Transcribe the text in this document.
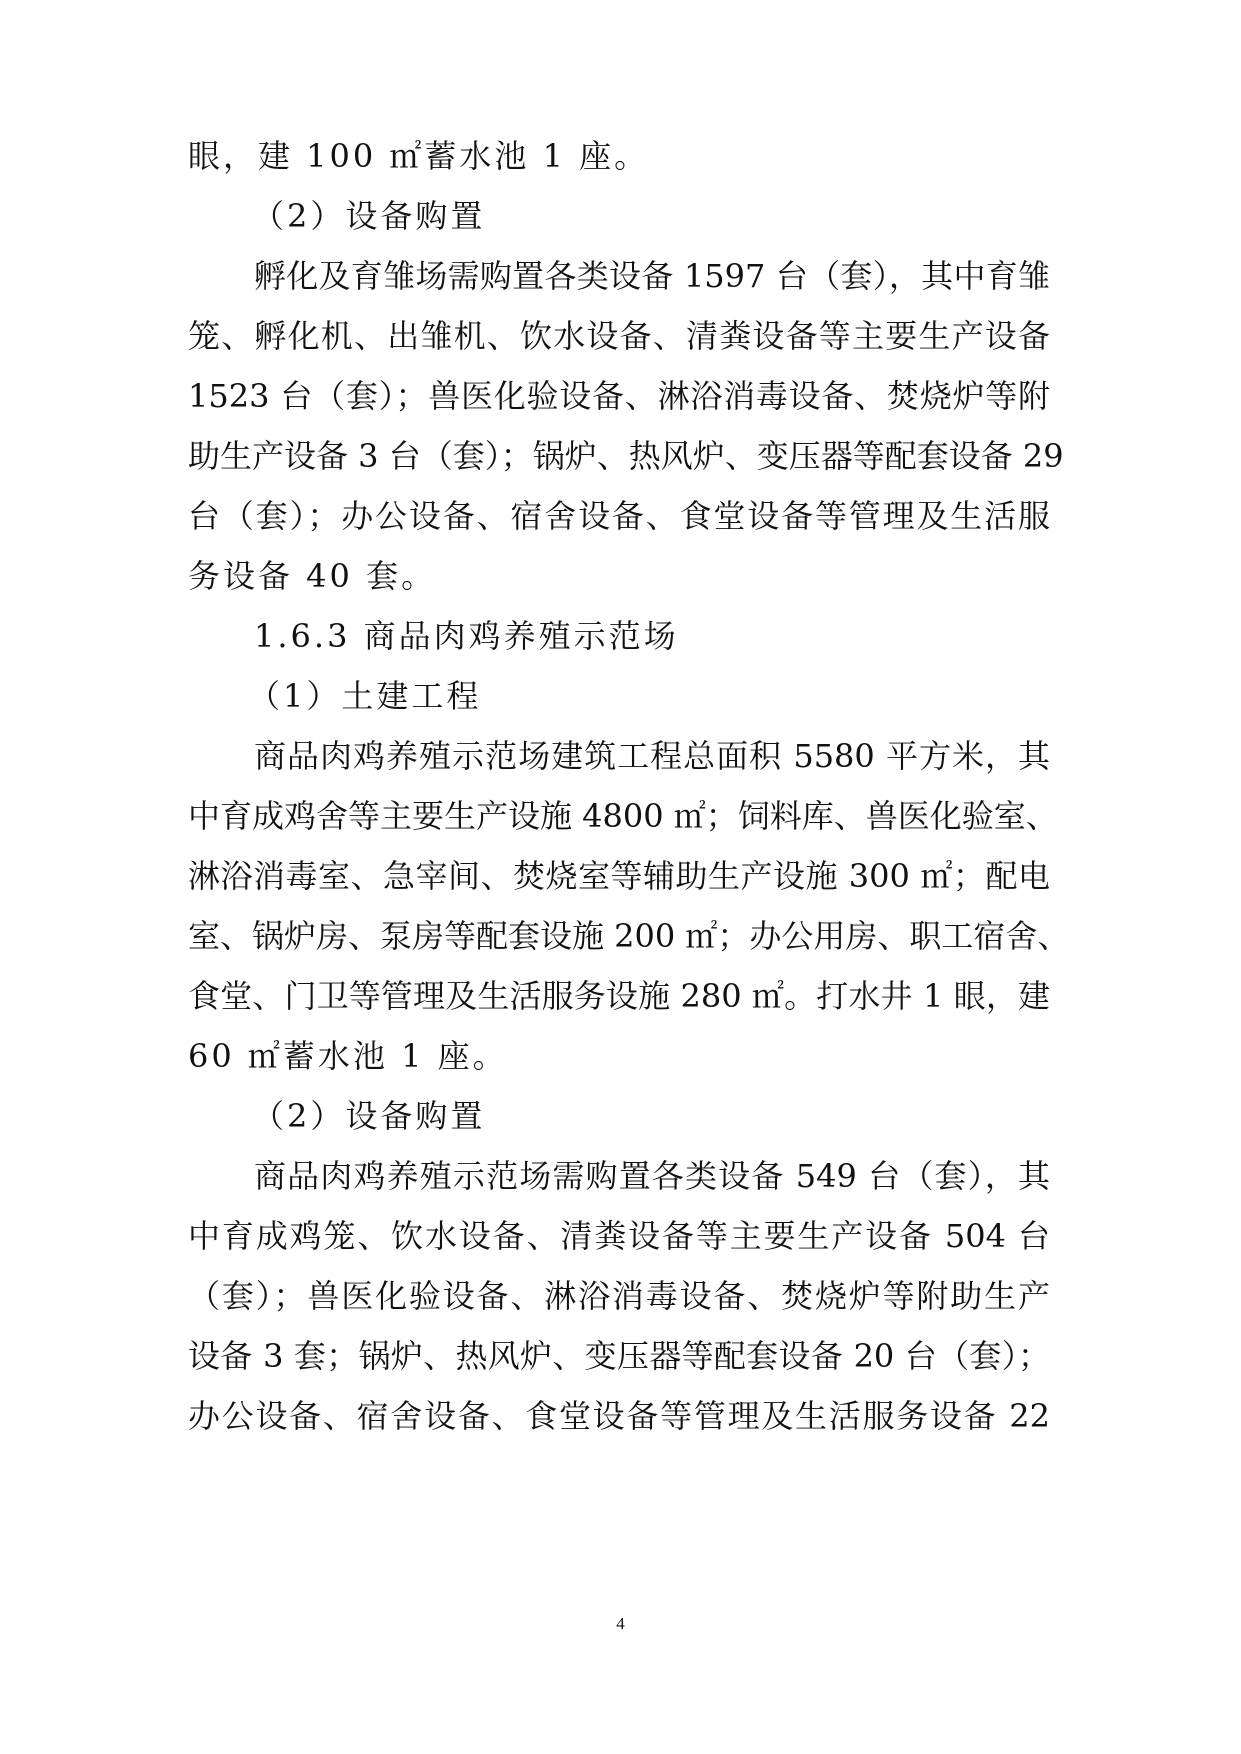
眼，建 100 ㎡蓄水池 1 座。
（2）设备购置
孵化及育雏场需购置各类设备 1597 台（套），其中育雏
笼、孵化机、出雏机、饮水设备、清粪设备等主要生产设备
1523 台（套）；兽医化验设备、淋浴消毒设备、焚烧炉等附
助生产设备 3 台（套）；锅炉、热风炉、变压器等配套设备 29
台（套）；办公设备、宿舍设备、食堂设备等管理及生活服
务设备 40 套。
1.6.3 商品肉鸡养殖示范场
（1）土建工程
商品肉鸡养殖示范场建筑工程总面积 5580 平方米，其
中育成鸡舍等主要生产设施 4800 ㎡；饲料库、兽医化验室、
淋浴消毒室、急宰间、焚烧室等辅助生产设施 300 ㎡；配电
室、锅炉房、泵房等配套设施 200 ㎡；办公用房、职工宿舍、
食堂、门卫等管理及生活服务设施 280 ㎡。打水井 1 眼，建
60 ㎡蓄水池 1 座。
（2）设备购置
商品肉鸡养殖示范场需购置各类设备 549 台（套），其
中育成鸡笼、饮水设备、清粪设备等主要生产设备 504 台
（套）；兽医化验设备、淋浴消毒设备、焚烧炉等附助生产
设备 3 套；锅炉、热风炉、变压器等配套设备 20 台（套）；
办公设备、宿舍设备、食堂设备等管理及生活服务设备 22
4
